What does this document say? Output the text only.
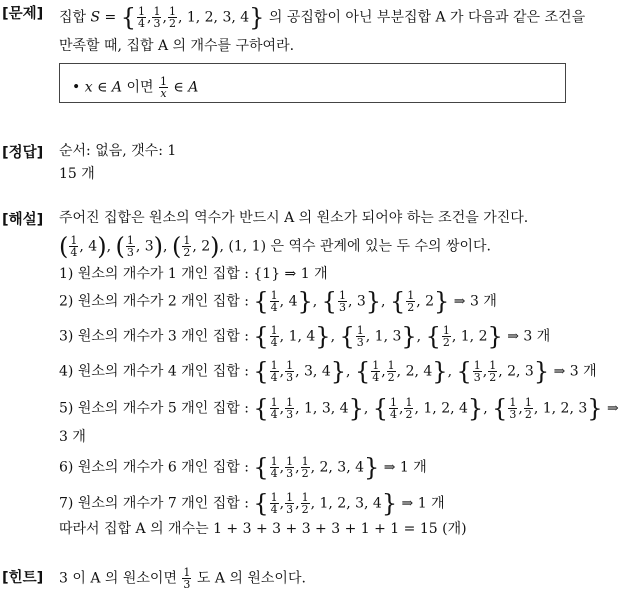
[문제]
[정답]
[해설]
[힌트]
집합 S = { $\frac{1}{4}$ , $\frac{1}{3}$ , $\frac{1}{2}$ , 1, 2, 3, 4} 의 공집합이 아닌 부분집합 A 가 다음과 같은 조건을
만족할 때, 집합 A 의 개수를 구하여라.
• x ∈ A 이면 $\frac{1}{x}$ ∈ A
순서: 없음, 갯수: 1
15 개
주어진 집합은 원소의 역수가 반드시 A 의 원소가 되어야 하는 조건을 가진다.
( $\frac{1}{4}$ , 4), ( $\frac{1}{3}$ , 3), ( $\frac{1}{2}$ , 2), (1, 1) 은 역수 관계에 있는 두 수의 쌍이다.
1) 원소의 개수가 1 개인 집합 : {1} ⇒ 1 개
2) 원소의 개수가 2 개인 집합 : { $\frac{1}{4}$ , 4}, { $\frac{1}{3}$ , 3}, { $\frac{1}{2}$ , 2} ⇒ 3 개
3) 원소의 개수가 3 개인 집합 : { $\frac{1}{4}$ , 1, 4}, { $\frac{1}{3}$ , 1, 3}, { $\frac{1}{2}$ , 1, 2} ⇒ 3 개
4) 원소의 개수가 4 개인 집합 : { $\frac{1}{4}$ , $\frac{1}{3}$ , 3, 4}, { $\frac{1}{4}$ , $\frac{1}{2}$ , 2, 4}, { $\frac{1}{3}$ , $\frac{1}{2}$ , 2, 3} ⇒ 3 개
5) 원소의 개수가 5 개인 집합 : { $\frac{1}{4}$ , $\frac{1}{3}$ , 1, 3, 4}, { $\frac{1}{4}$ , $\frac{1}{2}$ , 1, 2, 4}, { $\frac{1}{3}$ , $\frac{1}{2}$ , 1, 2, 3} ⇒
3 개
6) 원소의 개수가 6 개인 집합 : { $\frac{1}{4}$ , $\frac{1}{3}$ , $\frac{1}{2}$ , 2, 3, 4} ⇒ 1 개
7) 원소의 개수가 7 개인 집합 : { $\frac{1}{4}$ , $\frac{1}{3}$ , $\frac{1}{2}$ , 1, 2, 3, 4} ⇒ 1 개
따라서 집합 A 의 개수는 1 + 3 + 3 + 3 + 3 + 1 + 1 = 15 (개)
3 이 A 의 원소이면 $\frac{1}{3}$ 도 A 의 원소이다.
